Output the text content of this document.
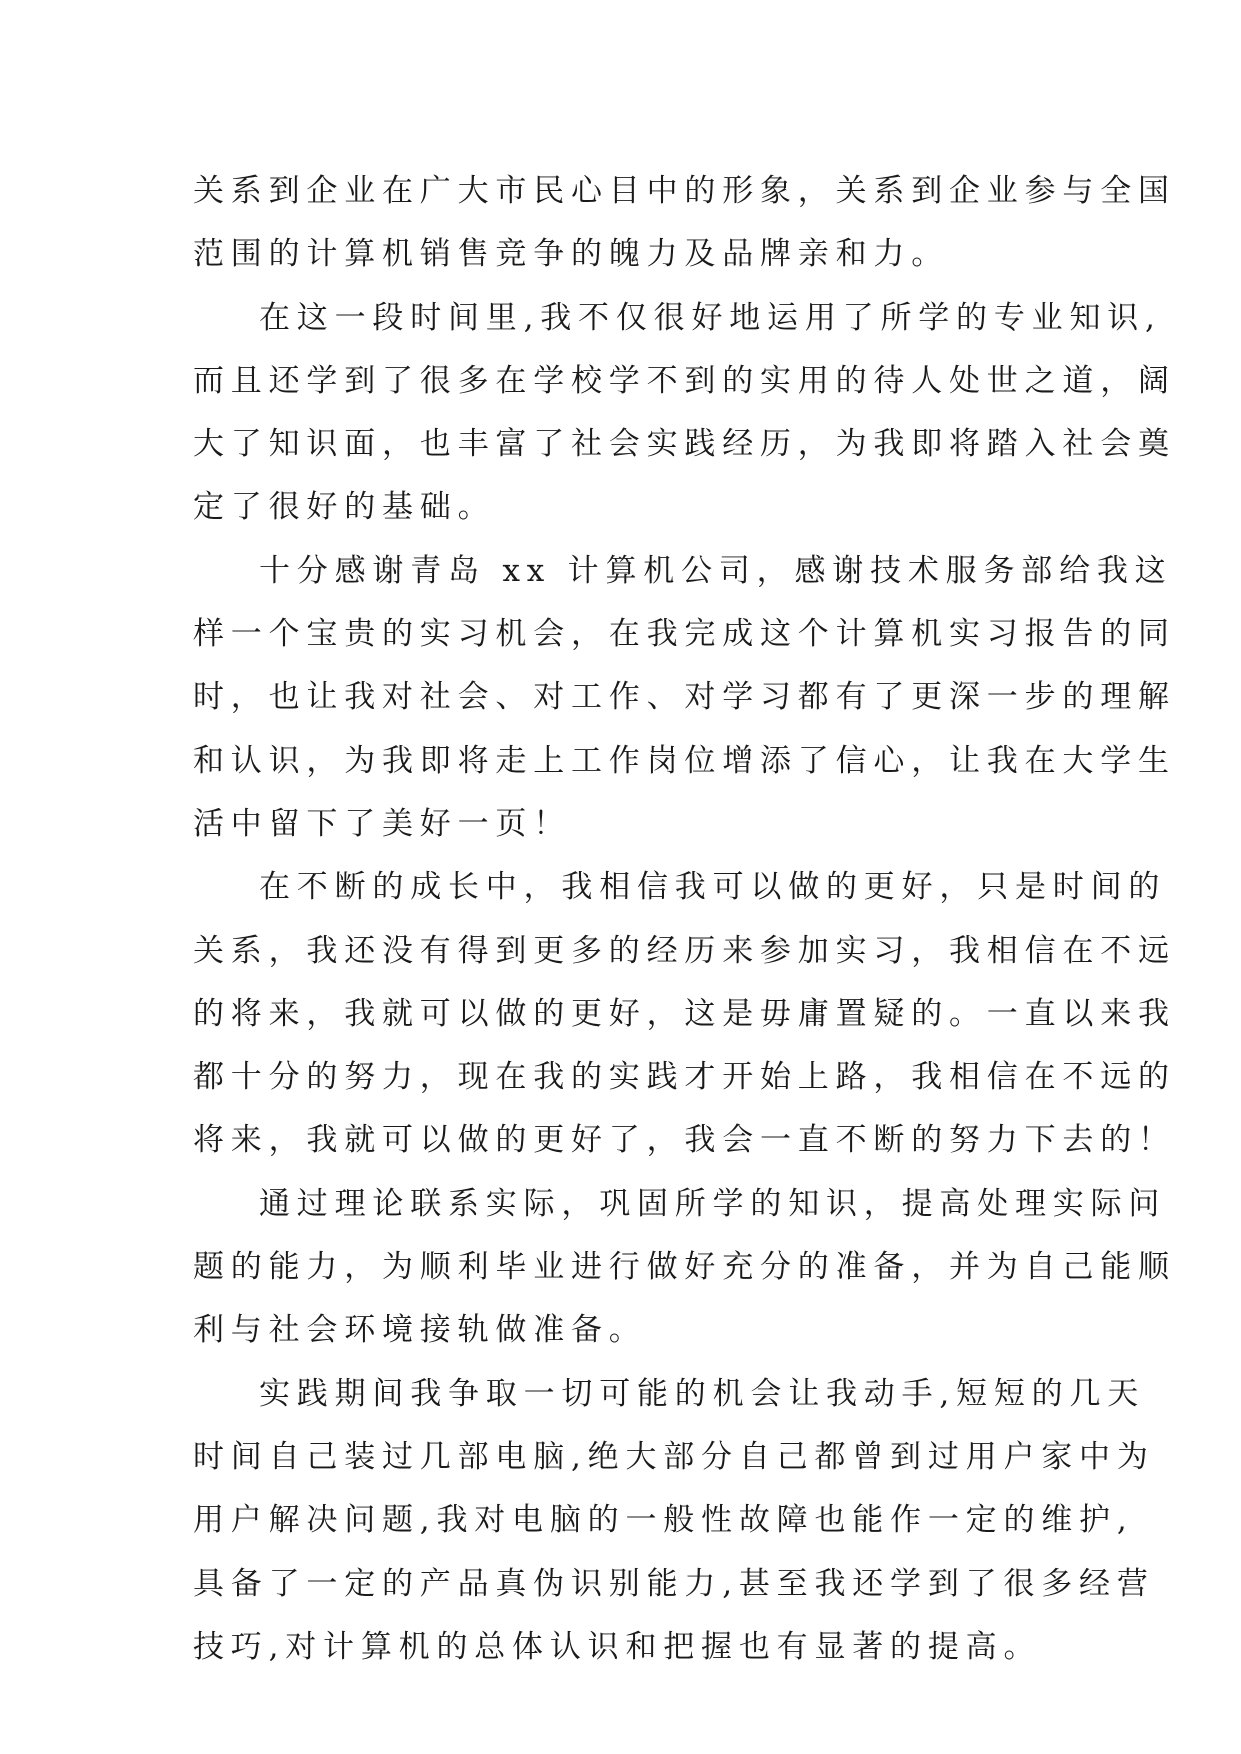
关系到企业在广大市民心目中的形象，关系到企业参与全国
范围的计算机销售竞争的魄力及品牌亲和力。
在这一段时间里,我不仅很好地运用了所学的专业知识,
而且还学到了很多在学校学不到的实用的待人处世之道，阔
大了知识面，也丰富了社会实践经历，为我即将踏入社会奠
定了很好的基础。
十分感谢青岛 xx 计算机公司，感谢技术服务部给我这
样一个宝贵的实习机会，在我完成这个计算机实习报告的同
时，也让我对社会、对工作、对学习都有了更深一步的理解
和认识，为我即将走上工作岗位增添了信心，让我在大学生
活中留下了美好一页！
在不断的成长中，我相信我可以做的更好，只是时间的
关系，我还没有得到更多的经历来参加实习，我相信在不远
的将来，我就可以做的更好，这是毋庸置疑的。一直以来我
都十分的努力，现在我的实践才开始上路，我相信在不远的
将来，我就可以做的更好了，我会一直不断的努力下去的！
通过理论联系实际，巩固所学的知识，提高处理实际问
题的能力，为顺利毕业进行做好充分的准备，并为自己能顺
利与社会环境接轨做准备。
实践期间我争取一切可能的机会让我动手,短短的几天
时间自己装过几部电脑,绝大部分自己都曾到过用户家中为
用户解决问题,我对电脑的一般性故障也能作一定的维护,
具备了一定的产品真伪识别能力,甚至我还学到了很多经营
技巧,对计算机的总体认识和把握也有显著的提高。
